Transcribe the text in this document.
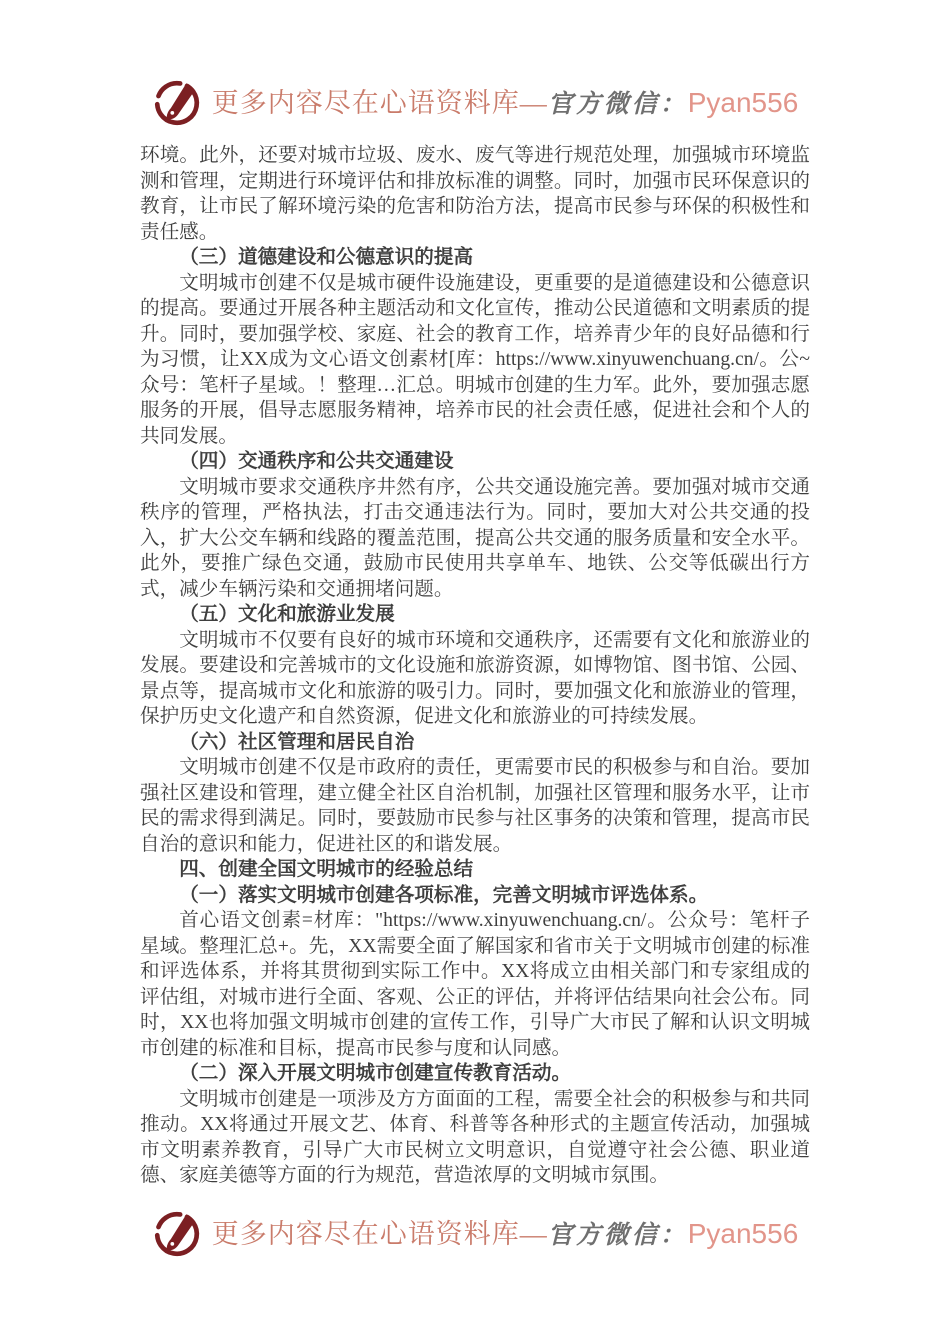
更多内容尽在心语资料库—官方微信：Pyan556

环境。此外，还要对城市垃圾、废水、废气等进行规范处理，加强城市环境监测和管理，定期进行环境评估和排放标准的调整。同时，加强市民环保意识的教育，让市民了解环境污染的危害和防治方法，提高市民参与环保的积极性和责任感。

（三）道德建设和公德意识的提高

文明城市创建不仅是城市硬件设施建设，更重要的是道德建设和公德意识的提高。要通过开展各种主题活动和文化宣传，推动公民道德和文明素质的提升。同时，要加强学校、家庭、社会的教育工作，培养青少年的良好品德和行为习惯，让XX成为文心语文创素材[库：https://www.xinyuwenchuang.cn/。公~众号：笔杆子星域。！整理…汇总。明城市创建的生力军。此外，要加强志愿服务的开展，倡导志愿服务精神，培养市民的社会责任感，促进社会和个人的共同发展。

（四）交通秩序和公共交通建设

文明城市要求交通秩序井然有序，公共交通设施完善。要加强对城市交通秩序的管理，严格执法，打击交通违法行为。同时，要加大对公共交通的投入，扩大公交车辆和线路的覆盖范围，提高公共交通的服务质量和安全水平。此外，要推广绿色交通，鼓励市民使用共享单车、地铁、公交等低碳出行方式，减少车辆污染和交通拥堵问题。

（五）文化和旅游业发展

文明城市不仅要有良好的城市环境和交通秩序，还需要有文化和旅游业的发展。要建设和完善城市的文化设施和旅游资源，如博物馆、图书馆、公园、景点等，提高城市文化和旅游的吸引力。同时，要加强文化和旅游业的管理，保护历史文化遗产和自然资源，促进文化和旅游业的可持续发展。

（六）社区管理和居民自治

文明城市创建不仅是市政府的责任，更需要市民的积极参与和自治。要加强社区建设和管理，建立健全社区自治机制，加强社区管理和服务水平，让市民的需求得到满足。同时，要鼓励市民参与社区事务的决策和管理，提高市民自治的意识和能力，促进社区的和谐发展。

四、创建全国文明城市的经验总结

（一）落实文明城市创建各项标准，完善文明城市评选体系。

首心语文创素=材库："https://www.xinyuwenchuang.cn/。公众号：笔杆子星域。整理汇总+。先，XX需要全面了解国家和省市关于文明城市创建的标准和评选体系，并将其贯彻到实际工作中。XX将成立由相关部门和专家组成的评估组，对城市进行全面、客观、公正的评估，并将评估结果向社会公布。同时，XX也将加强文明城市创建的宣传工作，引导广大市民了解和认识文明城市创建的标准和目标，提高市民参与度和认同感。

（二）深入开展文明城市创建宣传教育活动。

文明城市创建是一项涉及方方面面的工程，需要全社会的积极参与和共同推动。XX将通过开展文艺、体育、科普等各种形式的主题宣传活动，加强城市文明素养教育，引导广大市民树立文明意识，自觉遵守社会公德、职业道德、家庭美德等方面的行为规范，营造浓厚的文明城市氛围。

更多内容尽在心语资料库—官方微信：Pyan556
